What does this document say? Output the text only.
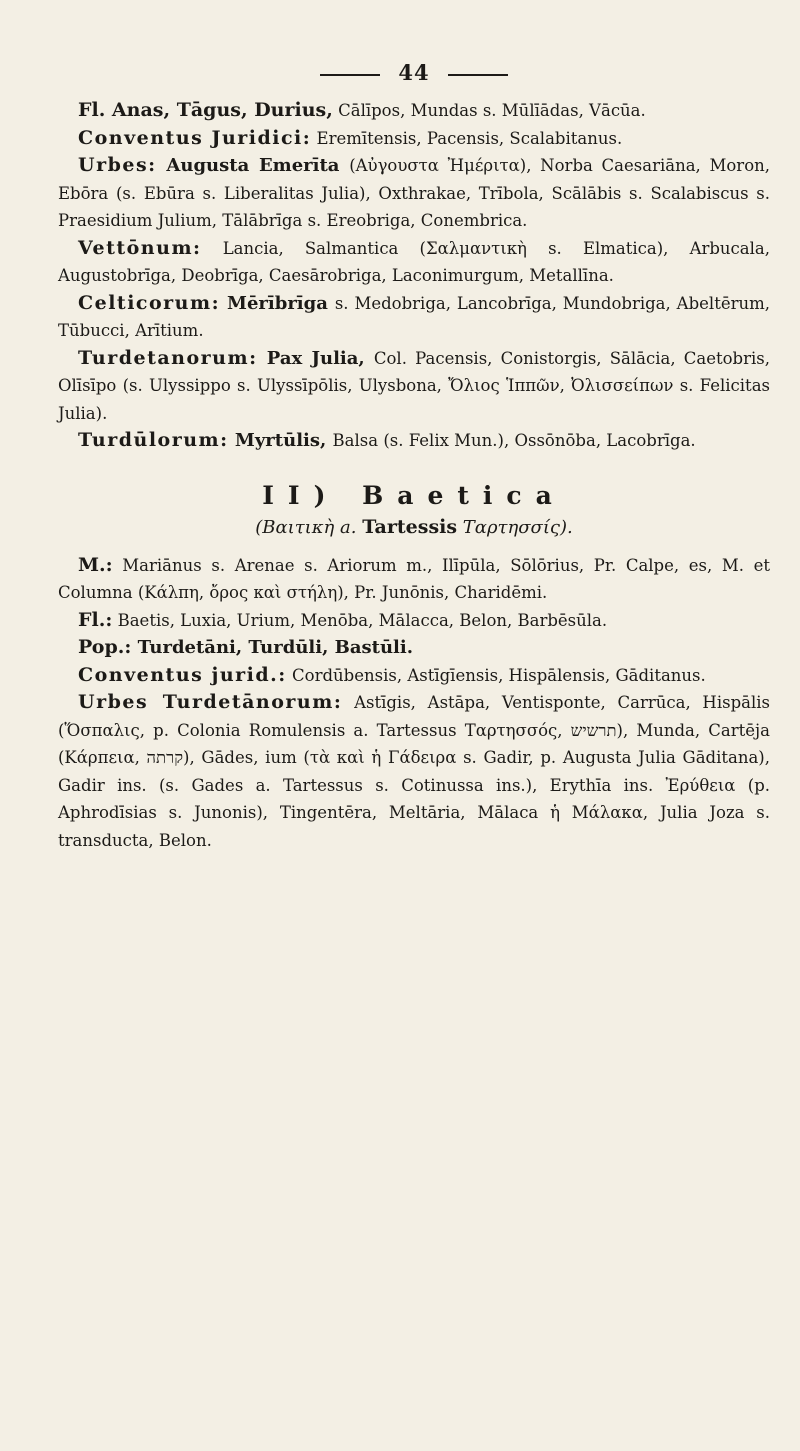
44

Fl. Anas, Tāgus, Durius, Cālīpos, Mundas s. Mūlīādas, Vācūa.

Conventus Juridici: Eremītensis, Pacensis, Scalabitanus.

Urbes: Augusta Emerīta (Αὐγουστα Ἠμέριτα), Norba Caesariāna, Moron, Ebōra (s. Ebūra s. Liberalitas Julia), Oxthrakae, Trībola, Scālābis s. Scalabiscus s. Praesidium Julium, Tālābrīga s. Ereobriga, Conembrica.

Vettōnum: Lancia, Salmantica (Σαλμαντικὴ s. Elmatica), Arbucala, Augustobrīga, Deobrīga, Caesārobriga, Laconimurgum, Metallīna.

Celticorum: Mērībrīga s. Medobriga, Lancobrīga, Mundobriga, Abeltērum, Tūbucci, Arītium.

Turdetanorum: Pax Julia, Col. Pacensis, Conistorgis, Sālācia, Caetobris, Olīsīpo (s. Ulyssippo s. Ulyssīpōlis, Ulysbona, Ὄλιος Ἱππῶν, Ὀλισσείπων s. Felicitas Julia).

Turdūlorum: Myrtūlis, Balsa (s. Felix Mun.), Ossōnōba, Lacobrīga.

II) Baetica
(Βαιτικὴ a. Tartessis Ταρτησσίς).

M.: Mariānus s. Arenae s. Ariorum m., Ilīpūla, Sōlōrius, Pr. Calpe, es, M. et Columna (Κάλπη, ὄρος καὶ στήλη), Pr. Junōnis, Charidēmi.

Fl.: Baetis, Luxia, Urium, Menōba, Mālacca, Belon, Barbēsūla.

Pop.: Turdetāni, Turdūli, Bastūli.

Conventus jurid.: Cordūbensis, Astīgīensis, Hispālensis, Gāditanus.

Urbes Turdetānorum: Astīgis, Astāpa, Ventisponte, Carrūca, Hispālis (Ὅσπαλις, p. Colonia Romulensis a. Tartessus Ταρτησσός, תרשיש), Munda, Cartēja (Κάρπεια, קרתה), Gādes, ium (τὰ καὶ ἡ Γάδειρα s. Gadir, p. Augusta Julia Gāditana), Gadir ins. (s. Gades a. Tartessus s. Cotinussa ins.), Erythīa ins. Ἐρύθεια (p. Aphrodīsias s. Junonis), Tingentēra, Meltāria, Mālaca ἡ Μάλακα, Julia Joza s. transducta, Belon.
